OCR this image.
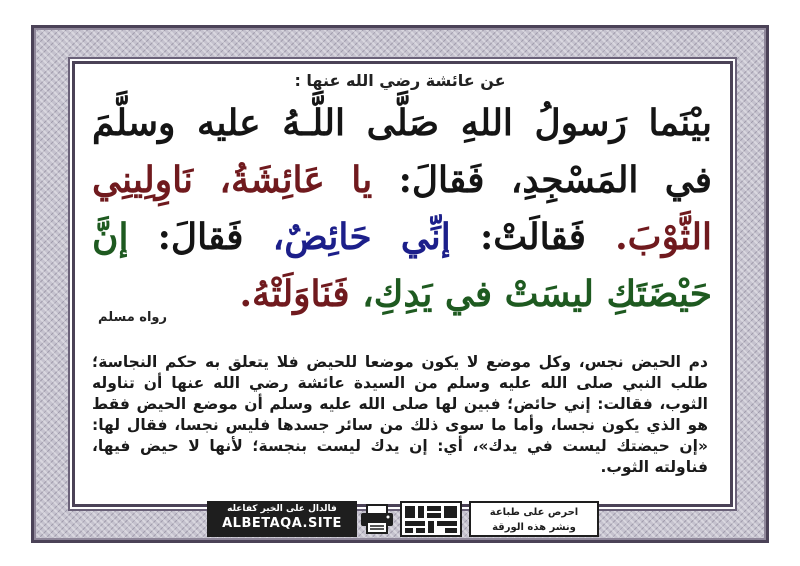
عن عائشة رضي الله عنها :
بيْنَما رَسولُ اللهِ صَلَّى اللَّـهُ عليه وسلَّمَ في المَسْجِدِ، فَقالَ: يا عَائِشَةُ، نَاوِلِينِي الثَّوْبَ. فَقالَتْ: إنِّي حَائِضٌ، فَقالَ: إنَّ حَيْضَتَكِ ليسَتْ في يَدِكِ، فَنَاوَلَتْهُ.
رواه مسلم
دم الحيض نجس، وكل موضع لا يكون موضعا للحيض فلا يتعلق به حكم النجاسة؛ طلب النبي صلى الله عليه وسلم من السيدة عائشة رضي الله عنها أن تناوله الثوب، فقالت: إني حائض؛ فبين لها صلى الله عليه وسلم أن موضع الحيض فقط هو الذي يكون نجسا، وأما ما سوى ذلك من سائر جسدها فليس نجسا، فقال لها: «إن حيضتك ليست في يدك»، أي: إن يدك ليست بنجسة؛ لأنها لا حيض فيها، فناولته الثوب.
فالدال على الخير كفاعله
ALBETAQA.SITE
احرص على طباعة
ونشر هذه الورقة
